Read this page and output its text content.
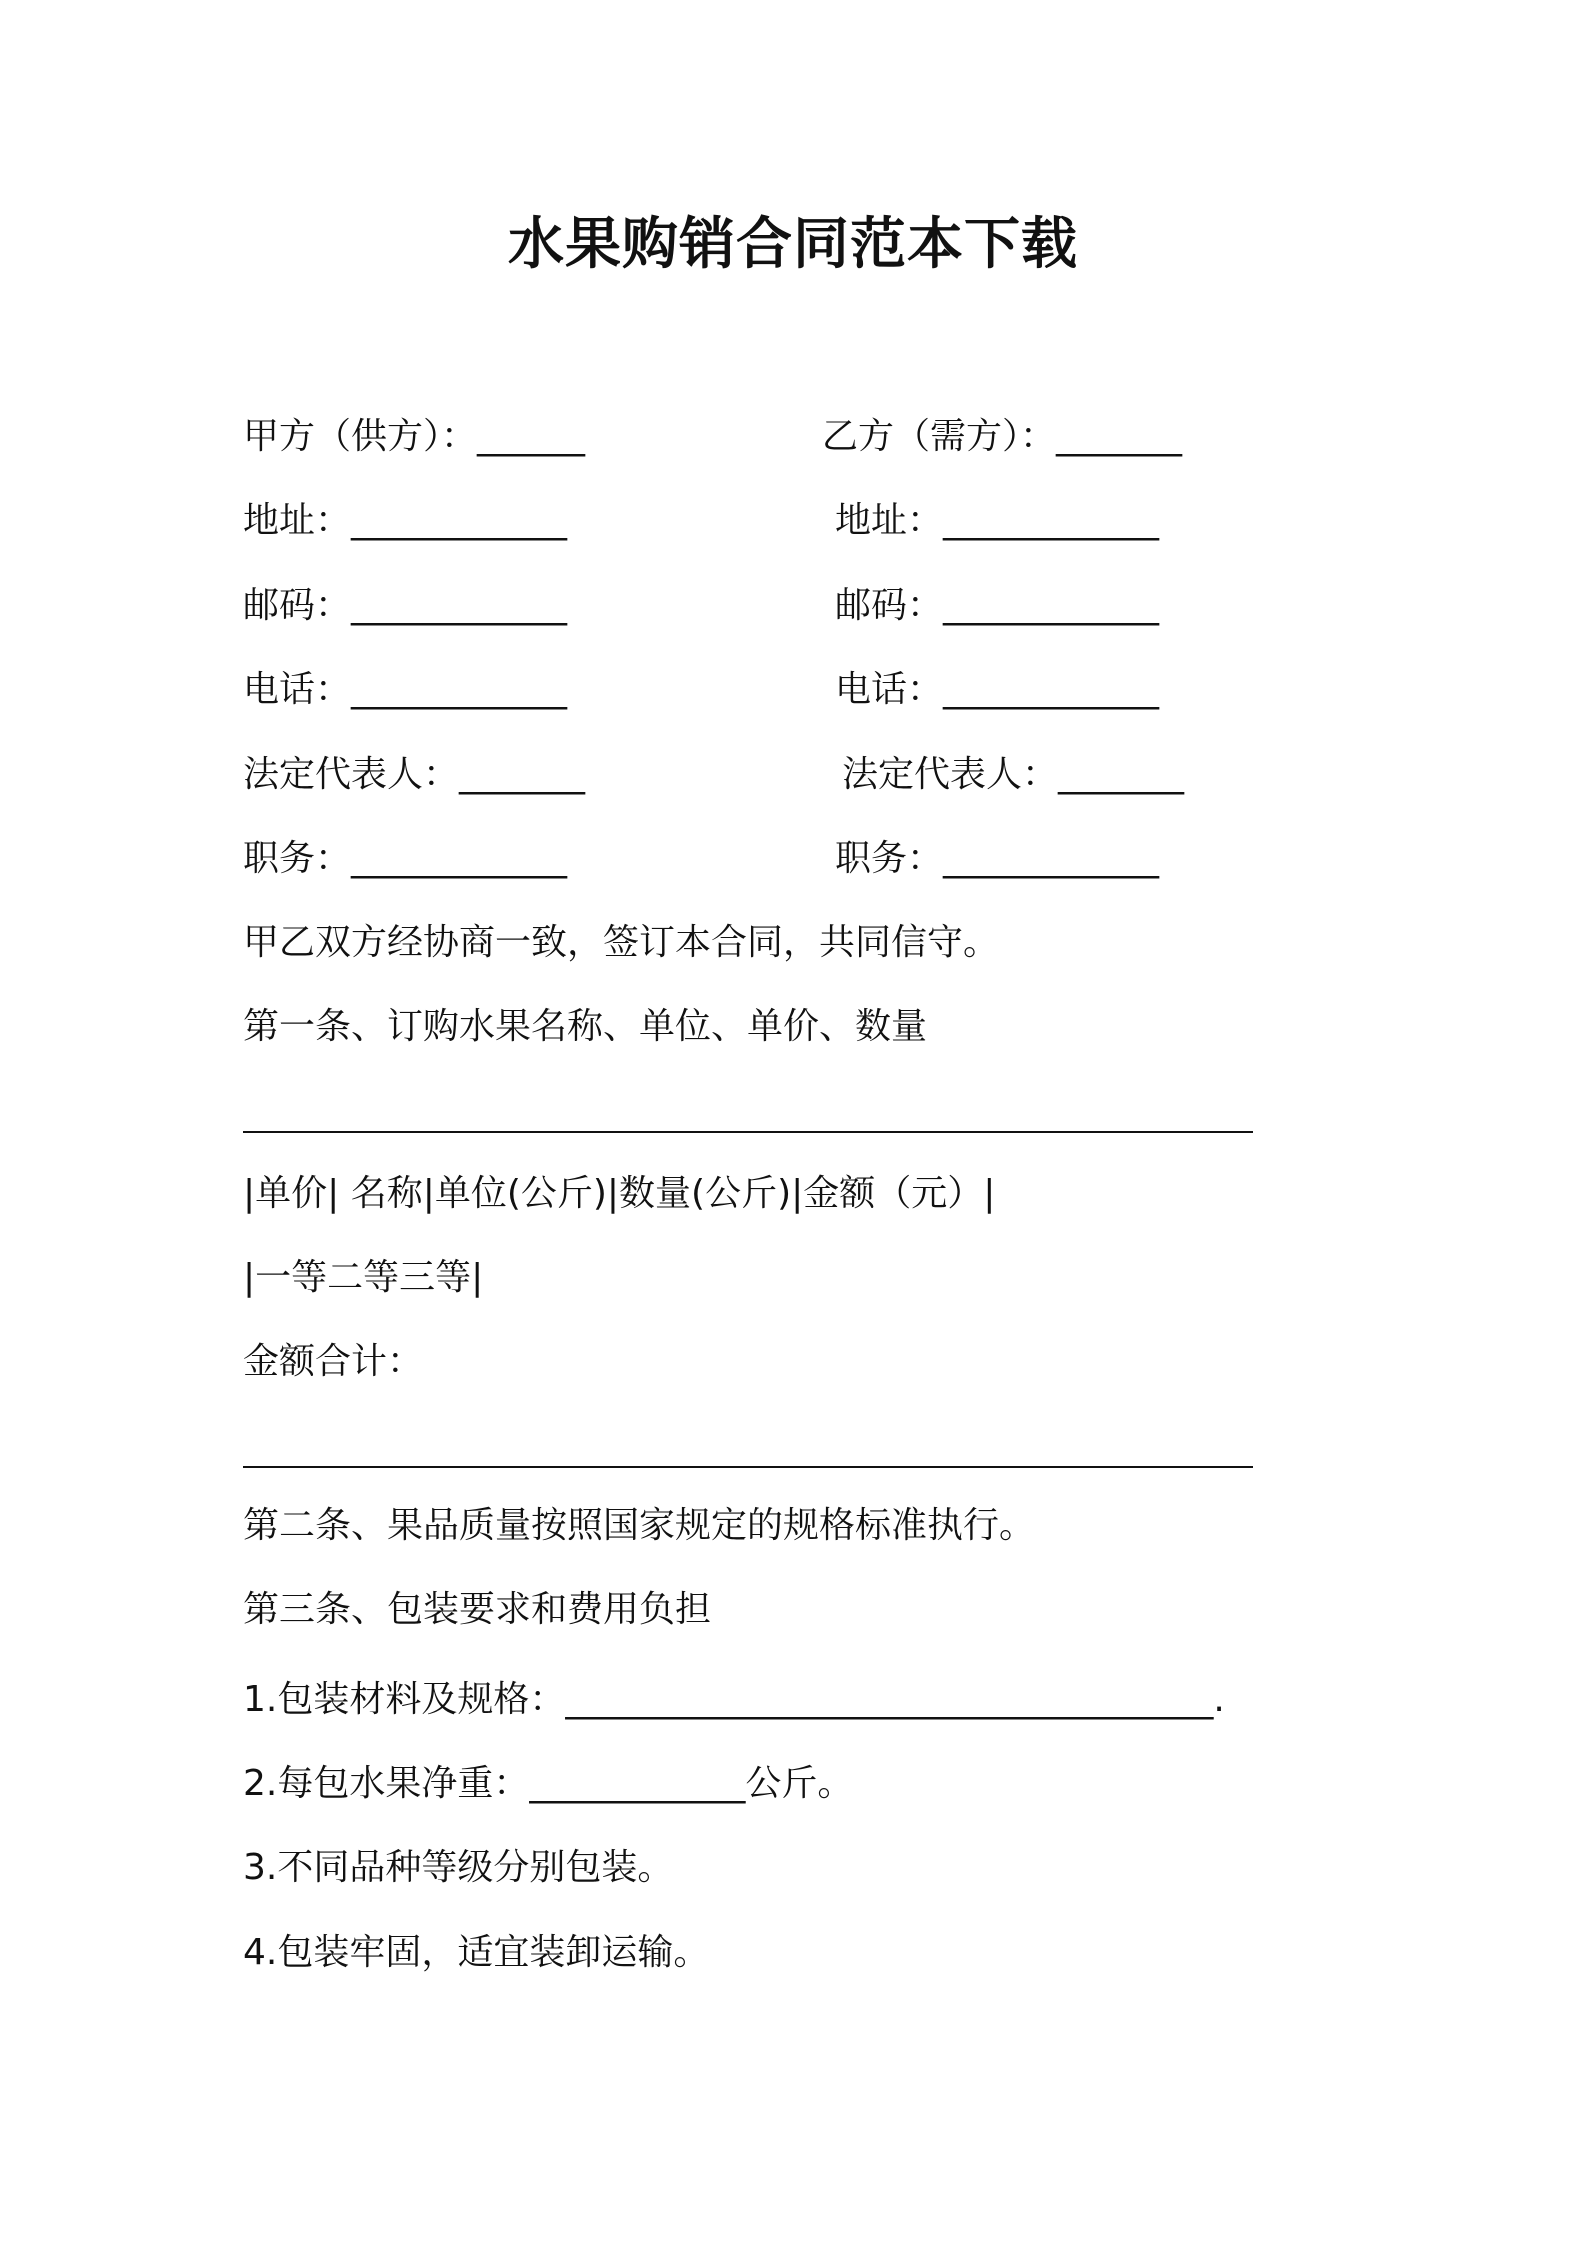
水果购销合同范本下载
甲方（供方）：______
地址：____________
邮码：____________
电话：____________
法定代表人：_______
职务：____________
乙方（需方）：_______
地址：____________
邮码：____________
电话：____________
法定代表人：_______
职务：____________
甲乙双方经协商一致，签订本合同，共同信守。
第一条、订购水果名称、单位、单价、数量
|单价| 名称|单位(公斤)|数量(公斤)|金额（元）|
|一等二等三等|
金额合计：
第二条、果品质量按照国家规定的规格标准执行。
第三条、包装要求和费用负担
1.包装材料及规格：____________________________________.
2.每包水果净重：____________公斤。
3.不同品种等级分别包装。
4.包装牢固，适宜装卸运输。
